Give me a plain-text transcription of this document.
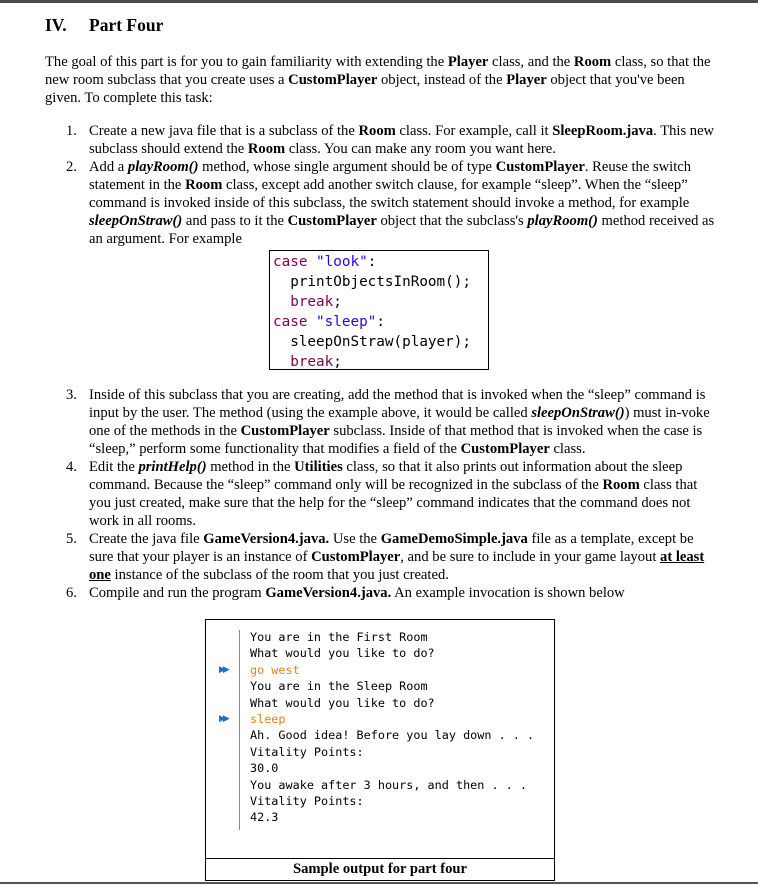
IV. Part Four

The goal of this part is for you to gain familiarity with extending the Player class, and the Room class, so that the new room subclass that you create uses a CustomPlayer object, instead of the Player object that you've been given. To complete this task:

1. Create a new java file that is a subclass of the Room class. For example, call it SleepRoom.java. This new subclass should extend the Room class. You can make any room you want here.
2. Add a playRoom() method, whose single argument should be of type CustomPlayer. Reuse the switch statement in the Room class, except add another switch clause, for example “sleep”. When the “sleep” command is invoked inside of this subclass, the switch statement should invoke a method, for example sleepOnStraw() and pass to it the CustomPlayer object that the subclass's playRoom() method received as an argument. For example
3. Inside of this subclass that you are creating, add the method that is invoked when the “sleep” command is input by the user. The method (using the example above, it would be called sleepOnStraw()) must in-voke one of the methods in the CustomPlayer subclass. Inside of that method that is invoked when the case is “sleep,” perform some functionality that modifies a field of the CustomPlayer class.
4. Edit the printHelp() method in the Utilities class, so that it also prints out information about the sleep command. Because the “sleep” command only will be recognized in the subclass of the Room class that you just created, make sure that the help for the “sleep” command indicates that the command does not work in all rooms.
5. Create the java file GameVersion4.java. Use the GameDemoSimple.java file as a template, except be sure that your player is an instance of CustomPlayer, and be sure to include in your game layout at least one instance of the subclass of the room that you just created.
6. Compile and run the program GameVersion4.java. An example invocation is shown below
case "look":
printObjectsInRoom();
break;
case "sleep":
sleepOnStraw(player);
break;
You are in the First Room
What would you like to do?
go west
You are in the Sleep Room
What would you like to do?
sleep
Ah. Good idea! Before you lay down . . .
Vitality Points:
30.0
You awake after 3 hours, and then . . .
Vitality Points:
42.3
▶▶
▶▶
Sample output for part four
